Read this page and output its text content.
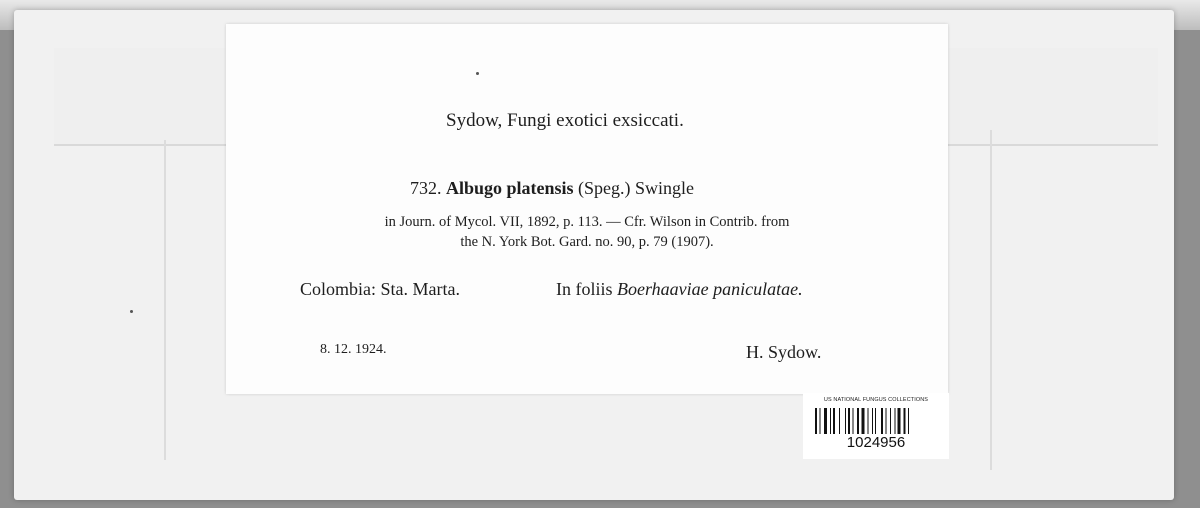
Sydow, Fungi exotici exsiccati.
732. Albugo platensis (Speg.) Swingle
in Journ. of Mycol. VII, 1892, p. 113. — Cfr. Wilson in Contrib. from
the N. York Bot. Gard. no. 90, p. 79 (1907).
Colombia: Sta. Marta.	In foliis Boerhaaviae paniculatae.
8. 12. 1924.	H. Sydow.
US NATIONAL FUNGUS COLLECTIONS
1024956
